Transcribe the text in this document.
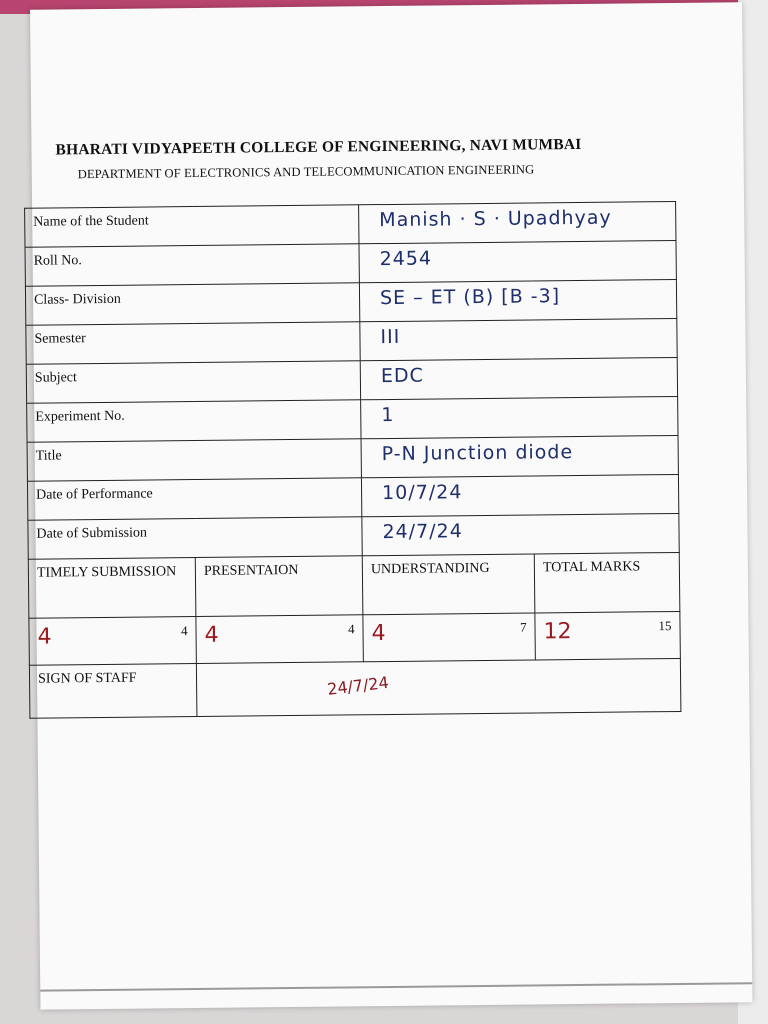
BHARATI VIDYAPEETH COLLEGE OF ENGINEERING, NAVI MUMBAI
DEPARTMENT OF ELECTRONICS AND TELECOMMUNICATION ENGINEERING
Name of the Student		Manish · S · Upadhyay	
Roll No.		2454	
Class- Division		SE – ET (B) [B -3]	
Semester		III	
Subject		EDC	
Experiment No.		1	
Title		P-N Junction diode	
Date of Performance		10/7/24	
Date of Submission		24/7/24	
TIMELY SUBMISSION	PRESENTAION	UNDERSTANDING	TOTAL MARKS
4 4	4 4	4 7	12 15

SIGN OF STAFF				24/7/24
